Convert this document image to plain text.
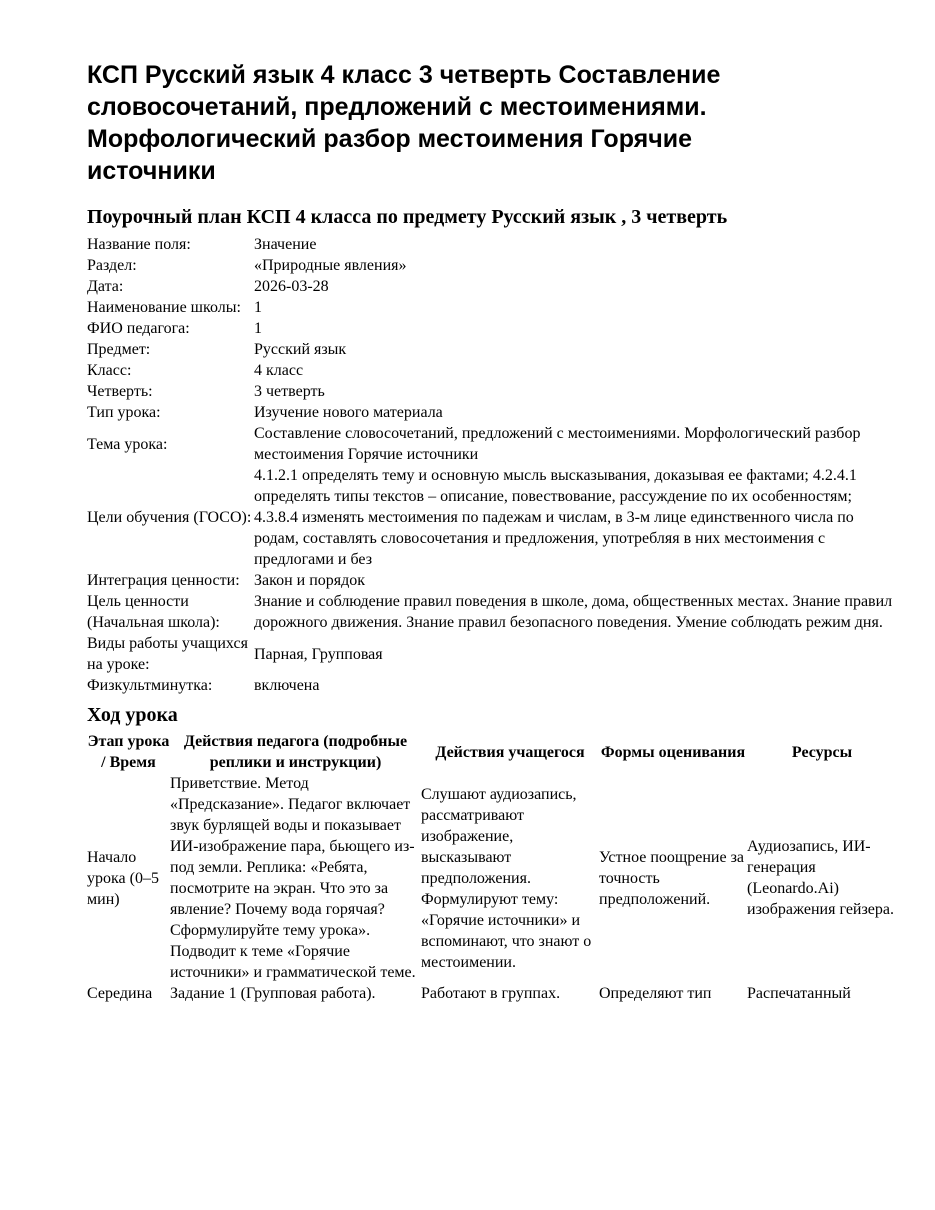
КСП Русский язык 4 класс 3 четверть Составление словосочетаний, предложений с местоимениями. Морфологический разбор местоимения Горячие источники
Поурочный план КСП 4 класса по предмету Русский язык , 3 четверть
Название поля:	Значение
Раздел:	«Природные явления»
Дата:	2026-03-28
Наименование школы:	1
ФИО педагога:	1
Предмет:	Русский язык
Класс:	4 класс
Четверть:	3 четверть
Тип урока:	Изучение нового материала
Тема урока:	Составление словосочетаний, предложений с местоимениями. Морфологический разбор местоимения Горячие источники
Цели обучения (ГОСО):	4.1.2.1 определять тему и основную мысль высказывания, доказывая ее фактами; 4.2.4.1 определять типы текстов – описание, повествование, рассуждение по их особенностям; 4.3.8.4 изменять местоимения по падежам и числам, в 3-м лице единственного числа по родам, составлять словосочетания и предложения, употребляя в них местоимения с предлогами и без
Интеграция ценности:	Закон и порядок
Цель ценности (Начальная школа):	Знание и соблюдение правил поведения в школе, дома, общественных местах. Знание правил дорожного движения. Знание правил безопасного поведения. Умение соблюдать режим дня.
Виды работы учащихся на уроке:	Парная, Групповая
Физкультминутка:	включена
Ход урока
Этап урока / Время	Действия педагога (подробные реплики и инструкции)	Действия учащегося	Формы оценивания	Ресурсы
Начало урока (0–5 мин)	Приветствие. Метод «Предсказание». Педагог включает звук бурлящей воды и показывает ИИ-изображение пара, бьющего из-под земли. Реплика: «Ребята, посмотрите на экран. Что это за явление? Почему вода горячая? Сформулируйте тему урока». Подводит к теме «Горячие источники» и грамматической теме.	Слушают аудиозапись, рассматривают изображение, высказывают предположения. Формулируют тему: «Горячие источники» и вспоминают, что знают о местоимении.	Устное поощрение за точность предположений.	Аудиозапись, ИИ-генерация (Leonardo.Ai) изображения гейзера.
Середина	Задание 1 (Групповая работа).	Работают в группах.	Определяют тип	Распечатанный
